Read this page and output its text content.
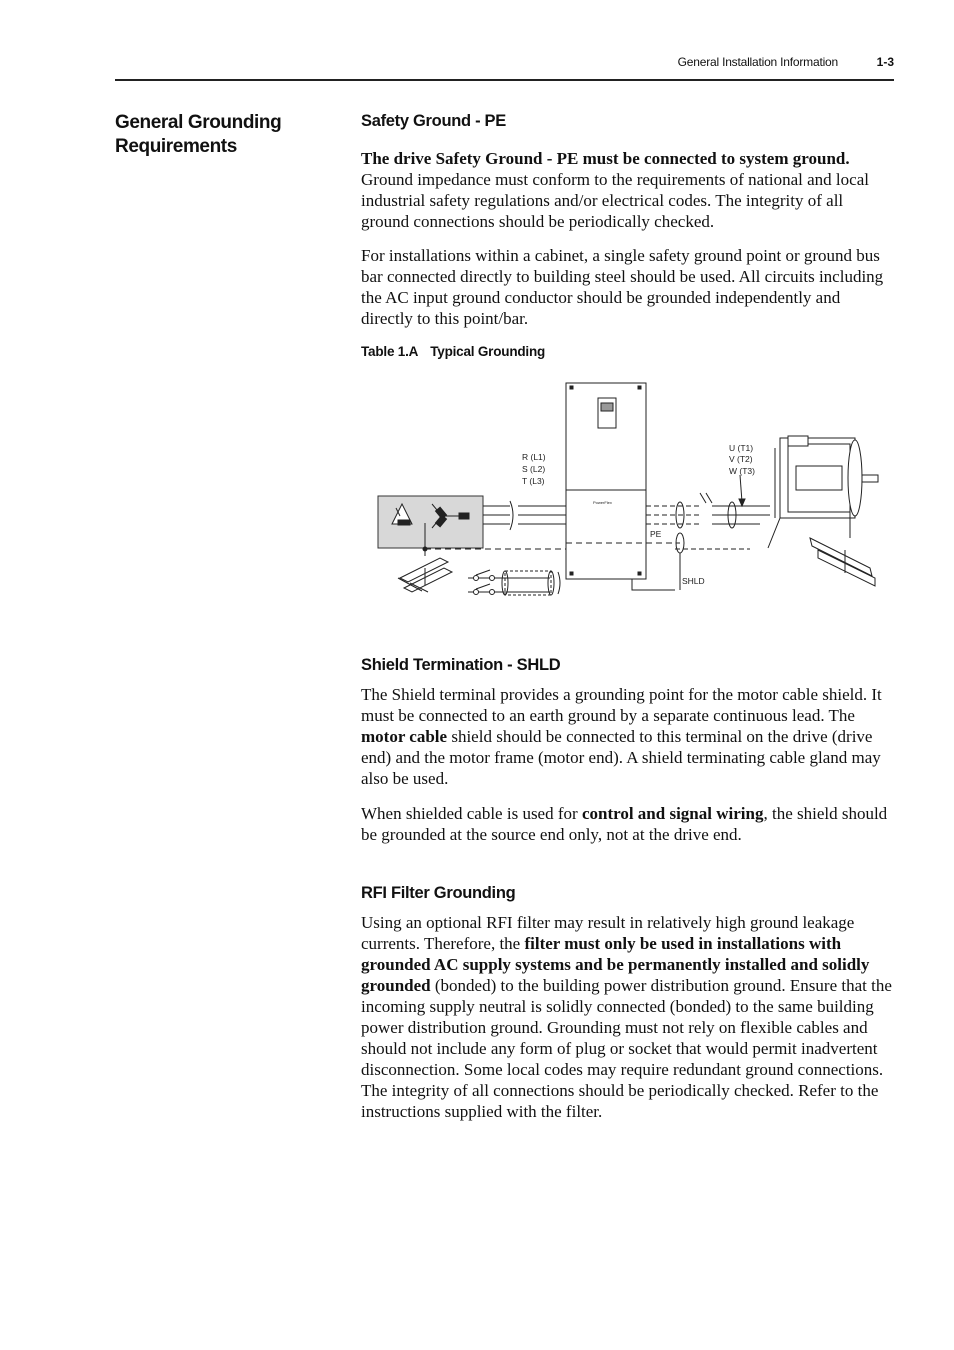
General Installation Information	1-3
General Grounding Requirements
Safety Ground - PE

The drive Safety Ground - PE must be connected to system ground. Ground impedance must conform to the requirements of national and local industrial safety regulations and/or electrical codes. The integrity of all ground connections should be periodically checked.

For installations within a cabinet, a single safety ground point or ground bus bar connected directly to building steel should be used. All circuits including the AC input ground conductor should be grounded independently and directly to this point/bar.

Table 1.A Typical Grounding
PowerFlex
R (L1)
S (L2)
T (L3)
U (T1)
V (T2)
W (T3)
PE
SHLD
Shield Termination - SHLD

The Shield terminal provides a grounding point for the motor cable shield. It must be connected to an earth ground by a separate continuous lead. The motor cable shield should be connected to this terminal on the drive (drive end) and the motor frame (motor end). A shield terminating cable gland may also be used.

When shielded cable is used for control and signal wiring, the shield should be grounded at the source end only, not at the drive end.

RFI Filter Grounding

Using an optional RFI filter may result in relatively high ground leakage currents. Therefore, the filter must only be used in installations with grounded AC supply systems and be permanently installed and solidly grounded (bonded) to the building power distribution ground. Ensure that the incoming supply neutral is solidly connected (bonded) to the same building power distribution ground. Grounding must not rely on flexible cables and should not include any form of plug or socket that would permit inadvertent disconnection. Some local codes may require redundant ground connections. The integrity of all connections should be periodically checked. Refer to the instructions supplied with the filter.
